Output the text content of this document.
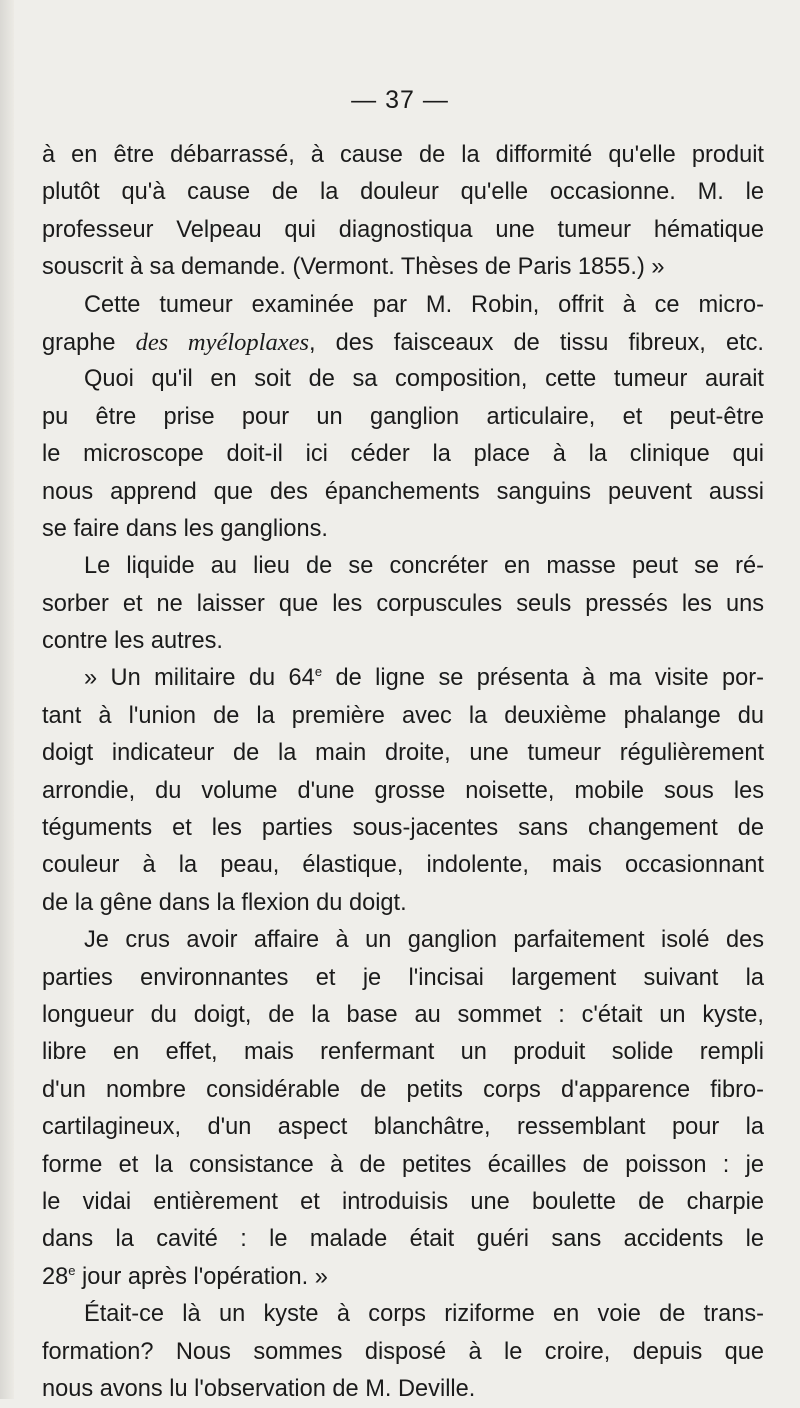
— 37 —
à en être débarrassé, à cause de la difformité qu'elle produit
plutôt qu'à cause de la douleur qu'elle occasionne. M. le
professeur Velpeau qui diagnostiqua une tumeur hématique
souscrit à sa demande. (Vermont. Thèses de Paris 1855.) »
Cette tumeur examinée par M. Robin, offrit à ce micro-
graphe des myéloplaxes, des faisceaux de tissu fibreux, etc.
Quoi qu'il en soit de sa composition, cette tumeur aurait
pu être prise pour un ganglion articulaire, et peut-être
le microscope doit-il ici céder la place à la clinique qui
nous apprend que des épanchements sanguins peuvent aussi
se faire dans les ganglions.
Le liquide au lieu de se concréter en masse peut se ré-
sorber et ne laisser que les corpuscules seuls pressés les uns
contre les autres.
» Un militaire du 64e de ligne se présenta à ma visite por-
tant à l'union de la première avec la deuxième phalange du
doigt indicateur de la main droite, une tumeur régulièrement
arrondie, du volume d'une grosse noisette, mobile sous les
téguments et les parties sous-jacentes sans changement de
couleur à la peau, élastique, indolente, mais occasionnant
de la gêne dans la flexion du doigt.
Je crus avoir affaire à un ganglion parfaitement isolé des
parties environnantes et je l'incisai largement suivant la
longueur du doigt, de la base au sommet : c'était un kyste,
libre en effet, mais renfermant un produit solide rempli
d'un nombre considérable de petits corps d'apparence fibro-
cartilagineux, d'un aspect blanchâtre, ressemblant pour la
forme et la consistance à de petites écailles de poisson : je
le vidai entièrement et introduisis une boulette de charpie
dans la cavité : le malade était guéri sans accidents le
28e jour après l'opération. »
Était-ce là un kyste à corps riziforme en voie de trans-
formation? Nous sommes disposé à le croire, depuis que
nous avons lu l'observation de M. Deville.
